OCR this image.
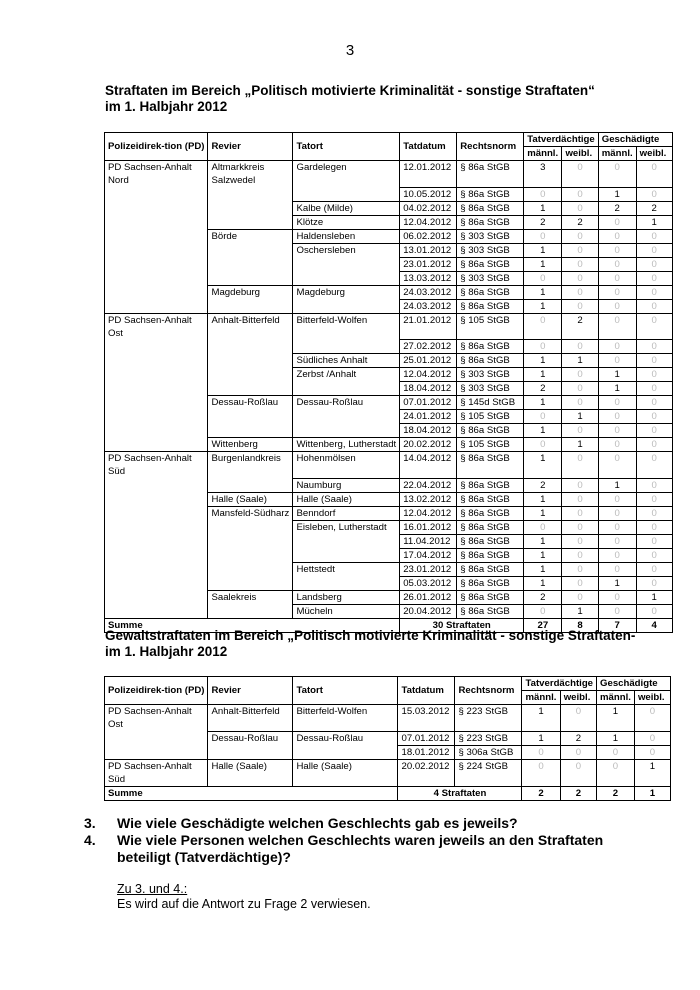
3
Straftaten im Bereich „Politisch motivierte Kriminalität - sonstige Straftaten“
im 1. Halbjahr 2012
Polizeidirek-tion (PD)	Revier	Tatort	Tatdatum	Rechtsnorm	Tatverdächtige		Geschädigte	
					männl.	weibl.	männl.	weibl.
PD Sachsen-Anhalt Nord	Altmarkkreis Salzwedel	Gardelegen	12.01.2012	§ 86a StGB	3	0	0	0
			10.05.2012	§ 86a StGB	0	0	1	0
		Kalbe (Milde)	04.02.2012	§ 86a StGB	1	0	2	2
		Klötze	12.04.2012	§ 86a StGB	2	2	0	1
	Börde	Haldensleben	06.02.2012	§ 303 StGB	0	0	0	0
		Oschersleben	13.01.2012	§ 303 StGB	1	0	0	0
			23.01.2012	§ 86a StGB	1	0	0	0
			13.03.2012	§ 303 StGB	0	0	0	0
	Magdeburg	Magdeburg	24.03.2012	§ 86a StGB	1	0	0	0
			24.03.2012	§ 86a StGB	1	0	0	0
PD Sachsen-Anhalt Ost	Anhalt-Bitterfeld	Bitterfeld-Wolfen	21.01.2012	§ 105 StGB	0	2	0	0
			27.02.2012	§ 86a StGB	0	0	0	0
		Südliches Anhalt	25.01.2012	§ 86a StGB	1	1	0	0
		Zerbst /Anhalt	12.04.2012	§ 303 StGB	1	0	1	0
			18.04.2012	§ 303 StGB	2	0	1	0
	Dessau-Roßlau	Dessau-Roßlau	07.01.2012	§ 145d StGB	1	0	0	0
			24.01.2012	§ 105 StGB	0	1	0	0
			18.04.2012	§ 86a StGB	1	0	0	0
	Wittenberg	Wittenberg, Lutherstadt	20.02.2012	§ 105 StGB	0	1	0	0
PD Sachsen-Anhalt Süd	Burgenlandkreis	Hohenmölsen	14.04.2012	§ 86a StGB	1	0	0	0
		Naumburg	22.04.2012	§ 86a StGB	2	0	1	0
	Halle (Saale)	Halle (Saale)	13.02.2012	§ 86a StGB	1	0	0	0
	Mansfeld-Südharz	Benndorf	12.04.2012	§ 86a StGB	1	0	0	0
		Eisleben, Lutherstadt	16.01.2012	§ 86a StGB	0	0	0	0
			11.04.2012	§ 86a StGB	1	0	0	0
			17.04.2012	§ 86a StGB	1	0	0	0
		Hettstedt	23.01.2012	§ 86a StGB	1	0	0	0
			05.03.2012	§ 86a StGB	1	0	1	0
	Saalekreis	Landsberg	26.01.2012	§ 86a StGB	2	0	0	1
		Mücheln	20.04.2012	§ 86a StGB	0	1	0	0
Summe			30 Straftaten		27	8	7	4
Gewaltstraftaten im Bereich „Politisch motivierte Kriminalität - sonstige Straftaten-
im 1. Halbjahr 2012
Polizeidirek-tion (PD)	Revier	Tatort	Tatdatum	Rechtsnorm	Tatverdächtige		Geschädigte	
					männl.	weibl.	männl.	weibl.
PD Sachsen-Anhalt Ost	Anhalt-Bitterfeld	Bitterfeld-Wolfen	15.03.2012	§ 223 StGB	1	0	1	0
	Dessau-Roßlau	Dessau-Roßlau	07.01.2012	§ 223 StGB	1	2	1	0
			18.01.2012	§ 306a StGB	0	0	0	0
PD Sachsen-Anhalt Süd	Halle (Saale)	Halle (Saale)	20.02.2012	§ 224 StGB	0	0	0	1
Summe			4 Straftaten		2	2	2	1
3. Wie viele Geschädigte welchen Geschlechts gab es jeweils?
4. Wie viele Personen welchen Geschlechts waren jeweils an den Straftaten beteiligt (Tatverdächtige)?
Zu 3. und 4.:
Es wird auf die Antwort zu Frage 2 verwiesen.
